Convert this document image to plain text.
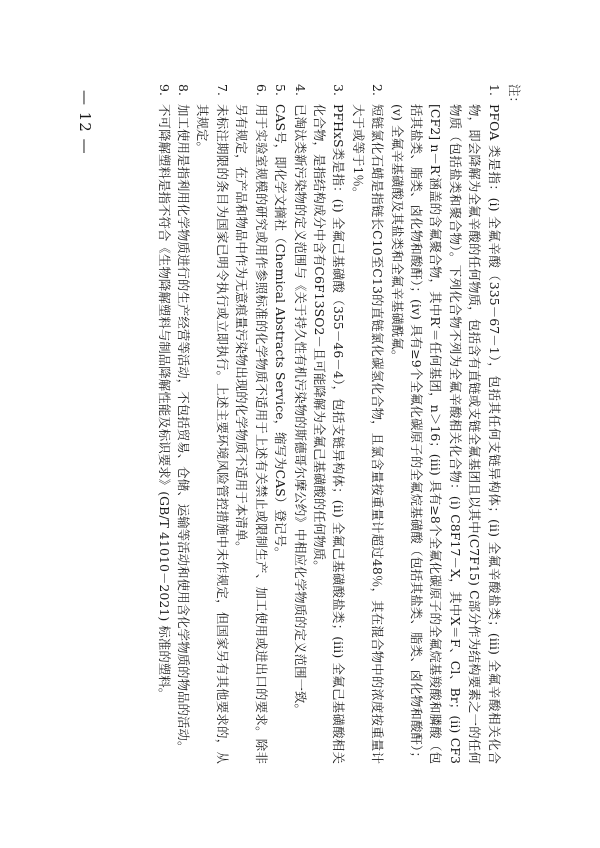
注：
1.
PFOA 类是指：(i) 全氟辛酸（335－67－1），包括其任何支链异构体；(ii) 全氟辛酸盐类；(iii) 全氟辛酸相关化合物，即会降解为全氟辛酸的任何物质，包括含有直链或支链全氟基团且以其中(C7F15) C部分作为结构要素之一的任何物质（包括盐类和聚合物）。下列化合物不列为全氟辛酸相关化合物：(i) C8F17－X，其中X＝F、Cl、Br；(ii) CF3 [CF2] n－R′涵盖的含氟聚合物，其中R′＝任何基团，n＞16；(iii) 具有≥8个全氟化碳原子的全氟烷基羧酸和膦酸（包括其盐类、脂类、卤化物和酸酐）；(iv) 具有≥9个全氟化碳原子的全氟烷基磺酸（包括其盐类、脂类、卤化物和酸酐）；(v) 全氟辛基磺酸及其盐类和全氟辛基磺酰氟。
2.
短链氯化石蜡是指链长C10至C13的直链氯化碳氢化合物，且氯含量按重量计超过48％，其在混合物中的浓度按重量计大于或等于1％。
3.
PFHxS类是指：(i) 全氟己基磺酸（355－46－4），包括支链异构体；(ii) 全氟己基磺酸盐类；(iii) 全氟己基磺酸相关化合物，是指结构成分中含有C6F13SO2－且可能降解为全氟己基磺酸的任何物质。
4.
已淘汰类新污染物的定义范围与《关于持久性有机污染物的斯德哥尔摩公约》中相应化学物质的定义范围一致。
5.
CAS号，即化学文摘社（Chemical Abstracts Service，缩写为CAS）登记号。
6.
用于实验室规模的研究或用作参照标准的化学物质不适用于上述有关禁止或限制生产、加工使用或进出口的要求。除非另有规定，在产品和物品中作为无意痕量污染物出现的化学物质不适用于本清单。
7.
未标注期限的条目为国家已明令执行或立即执行。上述主要环境风险管控措施中未作规定，但国家另有其他要求的，从其规定。
8.
加工使用是指利用化学物质进行的生产经营等活动，不包括贸易、仓储、运输等活动和使用含化学物质的物品的活动。
9.
不可降解塑料是指不符合《生物降解塑料与制品降解性能及标识要求》(GB/T 41010－2021) 标准的塑料。
— 12 —
